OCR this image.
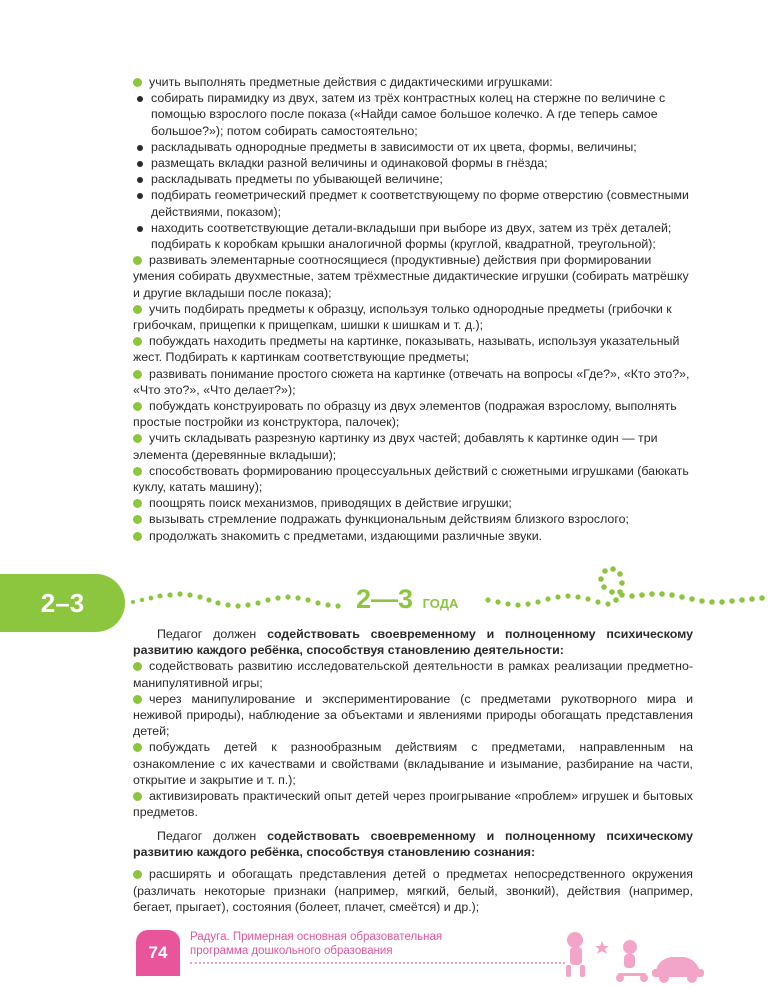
учить выполнять предметные действия с дидактическими игрушками:

собирать пирамидку из двух, затем из трёх контрастных колец на стержне по величине с помощью взрослого после показа («Найди самое большое колечко. А где теперь самое большое?»); потом собирать самостоятельно;

раскладывать однородные предметы в зависимости от их цвета, формы, величины;

размещать вкладки разной величины и одинаковой формы в гнёзда;

раскладывать предметы по убывающей величине;

подбирать геометрический предмет к соответствующему по форме отверстию (совместными действиями, показом);

находить соответствующие детали-вкладыши при выборе из двух, затем из трёх деталей; подбирать к коробкам крышки аналогичной формы (круглой, квадратной, треугольной);

развивать элементарные соотносящиеся (продуктивные) действия при формировании умения собирать двухместные, затем трёхместные дидактические игрушки (собирать матрёшку и другие вкладыши после показа);

учить подбирать предметы к образцу, используя только однородные предметы (грибочки к грибочкам, прищепки к прищепкам, шишки к шишкам и т. д.);

побуждать находить предметы на картинке, показывать, называть, используя указательный жест. Подбирать к картинкам соответствующие предметы;

развивать понимание простого сюжета на картинке (отвечать на вопросы «Где?», «Кто это?», «Что это?», «Что делает?»);

побуждать конструировать по образцу из двух элементов (подражая взрослому, выполнять простые постройки из конструктора, палочек);

учить складывать разрезную картинку из двух частей; добавлять к картинке один — три элемента (деревянные вкладыши);

способствовать формированию процессуальных действий с сюжетными игрушками (баюкать куклу, катать машину);

поощрять поиск механизмов, приводящих в действие игрушки;

вызывать стремление подражать функциональным действиям близкого взрослого;

продолжать знакомить с предметами, издающими различные звуки.

2–3	2—3 ГОДА

Педагог должен содействовать своевременному и полноценному психическому развитию каждого ребёнка, способствуя становлению деятельности:

содействовать развитию исследовательской деятельности в рамках реализации предметно-манипулятивной игры;

через манипулирование и экспериментирование (с предметами рукотворного мира и неживой природы), наблюдение за объектами и явлениями природы обогащать представления детей;

побуждать детей к разнообразным действиям с предметами, направленным на ознакомление с их качествами и свойствами (вкладывание и изымание, разбирание на части, открытие и закрытие и т. п.);

активизировать практический опыт детей через проигрывание «проблем» игрушек и бытовых предметов.

Педагог должен содействовать своевременному и полноценному психическому развитию каждого ребёнка, способствуя становлению сознания:

расширять и обогащать представления детей о предметах непосредственного окружения (различать некоторые признаки (например, мягкий, белый, звонкий), действия (например, бегает, прыгает), состояния (болеет, плачет, смеётся) и др.);

74
Радуга. Примерная основная образовательная
программа дошкольного образования
